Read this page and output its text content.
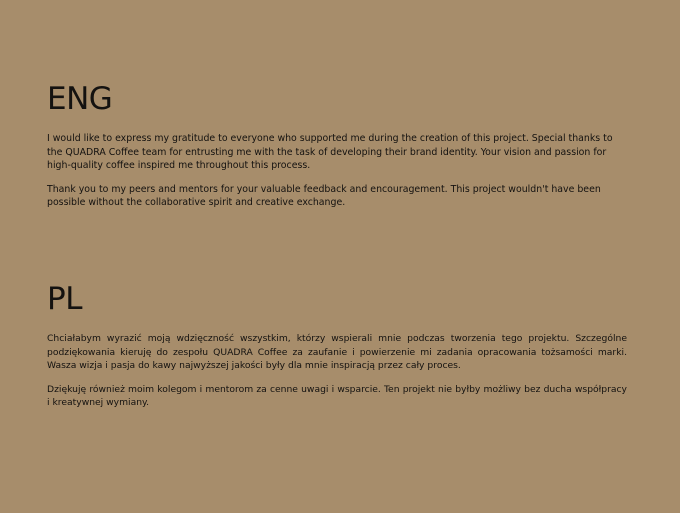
ENG

I would like to express my gratitude to everyone who supported me during the creation of this project. Special thanks to the QUADRA Coffee team for entrusting me with the task of developing their brand identity. Your vision and passion for high-quality coffee inspired me throughout this process.

Thank you to my peers and mentors for your valuable feedback and encouragement. This project wouldn't have been possible without the collaborative spirit and creative exchange.

PL

Chciałabym wyrazić moją wdzięczność wszystkim, którzy wspierali mnie podczas tworzenia tego projektu. Szczególne podziękowania kieruję do zespołu QUADRA Coffee za zaufanie i powierzenie mi zadania opracowania tożsamości marki. Wasza wizja i pasja do kawy najwyższej jakości były dla mnie inspiracją przez cały proces.

Dziękuję również moim kolegom i mentorom za cenne uwagi i wsparcie. Ten projekt nie byłby możliwy bez ducha współpracy i kreatywnej wymiany.
